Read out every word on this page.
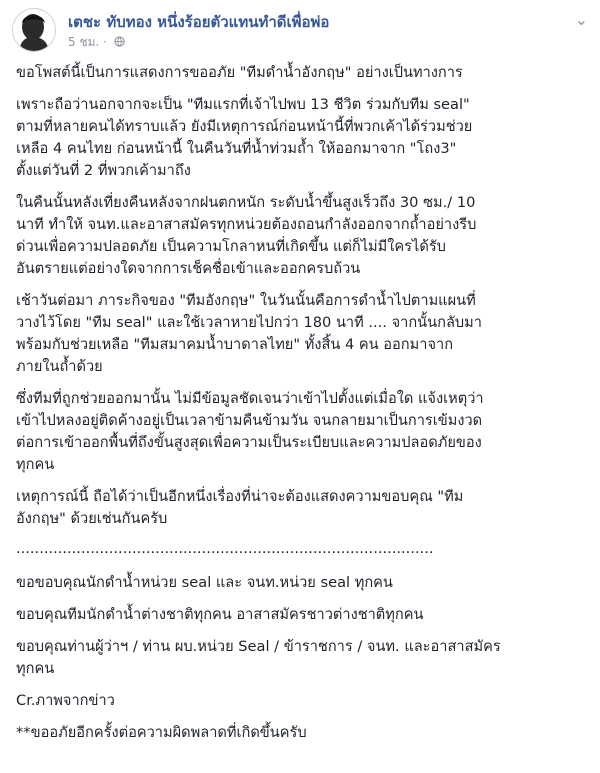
เตชะ ทับทอง หนึ่งร้อยตัวแทนทำดีเพื่อพ่อ
5 ชม. ·
⌄
ขอโพสต์นี้เป็นการแสดงการขออภัย "ทีมดำน้ำอังกฤษ" อย่างเป็นทางการ
เพราะถือว่านอกจากจะเป็น "ทีมแรกที่เจ้าไปพบ 13 ชีวิต ร่วมกับทีม seal"
ตามที่หลายคนได้ทราบแล้ว ยังมีเหตุการณ์ก่อนหน้านี้ที่พวกเค้าได้ร่วมช่วย
เหลือ 4 คนไทย ก่อนหน้านี้ ในคืนวันที่น้ำท่วมถ้ำ ให้ออกมาจาก "โถง3"
ตั้งแต่วันที่ 2 ที่พวกเค้ามาถึง
ในคืนนั้นหลังเที่ยงคืนหลังจากฝนตกหนัก ระดับน้ำขึ้นสูงเร็วถึง 30 ซม./ 10
นาที ทำให้ จนท.และอาสาสมัครทุกหน่วยต้องถอนกำลังออกจากถ้ำอย่างรีบ
ด่วนเพื่อความปลอดภัย เป็นความโกลาหนที่เกิดขึ้น แต่ก็ไม่มีใครได้รับ
อันตรายแต่อย่างใดจากการเช็คชื่อเข้าและออกครบถ้วน
เช้าวันต่อมา ภาระกิจของ "ทีมอังกฤษ" ในวันนั้นคือการดำน้ำไปตามแผนที่
วางไว้โดย "ทีม seal" และใช้เวลาหายไปกว่า 180 นาที .... จากนั้นกลับมา
พร้อมกับช่วยเหลือ "ทีมสมาคมน้ำบาดาลไทย" ทั้งสิ้น 4 คน ออกมาจาก
ภายในถ้ำด้วย
ซึ่งทีมที่ถูกช่วยออกมานั้น ไม่มีข้อมูลชัดเจนว่าเข้าไปตั้งแต่เมื่อใด แจ้งเหตุว่า
เข้าไปหลงอยู่ติดค้างอยู่เป็นเวลาข้ามคืนข้ามวัน จนกลายมาเป็นการเข้มงวด
ต่อการเข้าออกพื้นที่ถึงขั้นสูงสุดเพื่อความเป็นระเบียบและความปลอดภัยของ
ทุกคน
เหตุการณ์นี้ ถือได้ว่าเป็นอีกหนึ่งเรื่องที่น่าจะต้องแสดงความขอบคุณ "ทีม
อังกฤษ" ด้วยเช่นกันครับ
..........................................................................................
ขอขอบคุณนักดำน้ำหน่วย seal และ จนท.หน่วย seal ทุกคน
ขอบคุณทีมนักดำน้ำต่างชาติทุกคน อาสาสมัครชาวต่างชาติทุกคน
ขอบคุณท่านผู้ว่าฯ / ท่าน ผบ.หน่วย Seal / ข้าราชการ / จนท. และอาสาสมัคร
ทุกคน
Cr.ภาพจากข่าว
**ขออภัยอีกครั้งต่อความผิดพลาดที่เกิดขึ้นครับ
